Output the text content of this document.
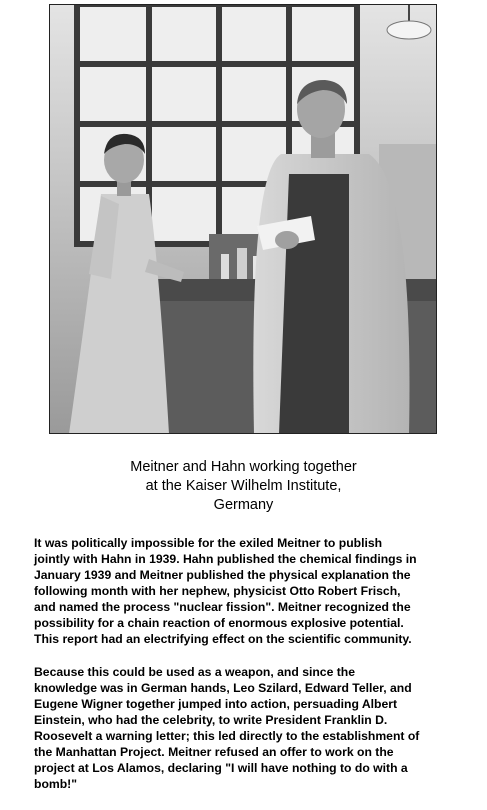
Meitner and Hahn working together
at the Kaiser Wilhelm Institute,
Germany

It was politically impossible for the exiled Meitner to publish
jointly with Hahn in 1939. Hahn published the chemical findings in
January 1939 and Meitner published the physical explanation the
following month with her nephew, physicist Otto Robert Frisch,
and named the process "nuclear fission". Meitner recognized the
possibility for a chain reaction of enormous explosive potential.
This report had an electrifying effect on the scientific community.

Because this could be used as a weapon, and since the
knowledge was in German hands, Leo Szilard, Edward Teller, and
Eugene Wigner together jumped into action, persuading Albert
Einstein, who had the celebrity, to write President Franklin D.
Roosevelt a warning letter; this led directly to the establishment of
the Manhattan Project. Meitner refused an offer to work on the
project at Los Alamos, declaring "I will have nothing to do with a
bomb!"
